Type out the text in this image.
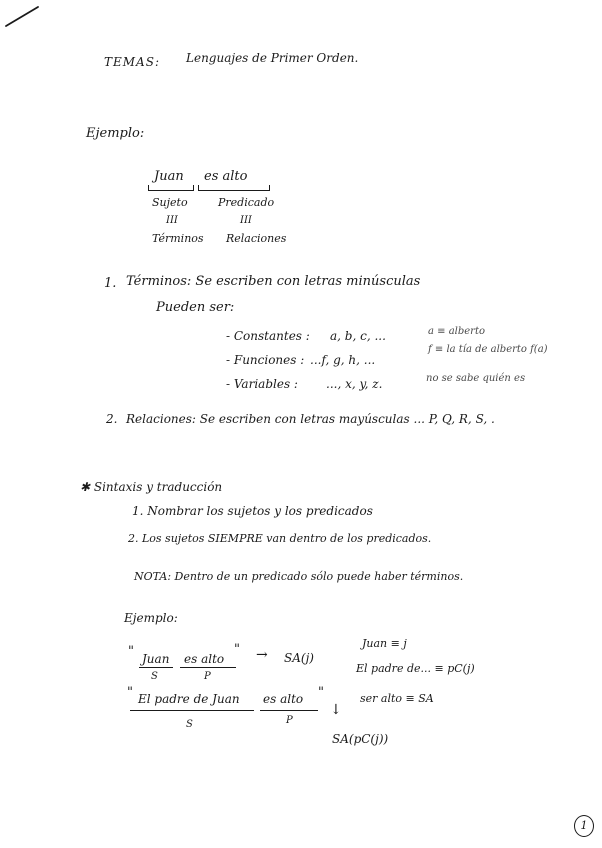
TEMAS: Lenguajes de Primer Orden.
Ejemplo:
Juan es alto
Sujeto	Predicado
III	III
Términos Relaciones
1. Términos: Se escriben con letras minúsculas
Pueden ser:
- Constantes : a, b, c, ...	a ≡ alberto
- Funciones : ...f, g, h, ...
f ≡ la tía de alberto f(a)
- Variables : ..., x, y, z.	no se sabe quién es
2. Relaciones: Se escriben con letras mayúsculas ... P, Q, R, S, .
✱ Sintaxis y traducción
1. Nombrar los sujetos y los predicados
2. Los sujetos SIEMPRE van dentro de los predicados.
NOTA: Dentro de un predicado sólo puede haber términos.
Ejemplo:
" Juan es alto
"
S	P
→ SA(j)
Juan ≡ j
El padre de... ≡ pC(j)
ser alto ≡ SA
" El padre de Juan es alto "
S	P
↓
SA(pC(j))
1
